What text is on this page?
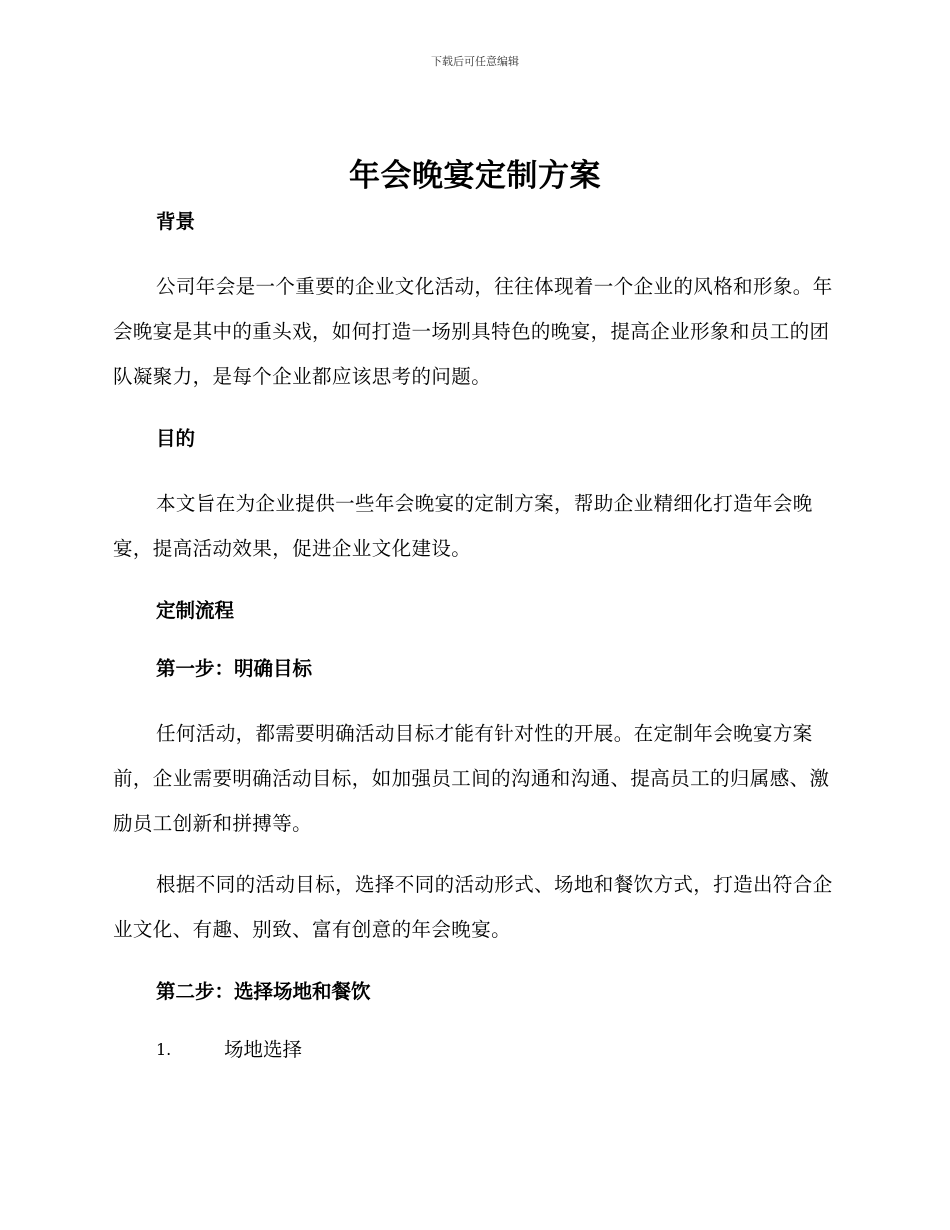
下载后可任意编辑
年会晚宴定制方案

背景

公司年会是一个重要的企业文化活动，往往体现着一个企业的风格和形象。年会晚宴是其中的重头戏，如何打造一场别具特色的晚宴，提高企业形象和员工的团队凝聚力，是每个企业都应该思考的问题。

目的

本文旨在为企业提供一些年会晚宴的定制方案，帮助企业精细化打造年会晚宴，提高活动效果，促进企业文化建设。

定制流程

第一步：明确目标

任何活动，都需要明确活动目标才能有针对性的开展。在定制年会晚宴方案前，企业需要明确活动目标，如加强员工间的沟通和沟通、提高员工的归属感、激励员工创新和拼搏等。

根据不同的活动目标，选择不同的活动形式、场地和餐饮方式，打造出符合企业文化、有趣、别致、富有创意的年会晚宴。

第二步：选择场地和餐饮

1.	场地选择
